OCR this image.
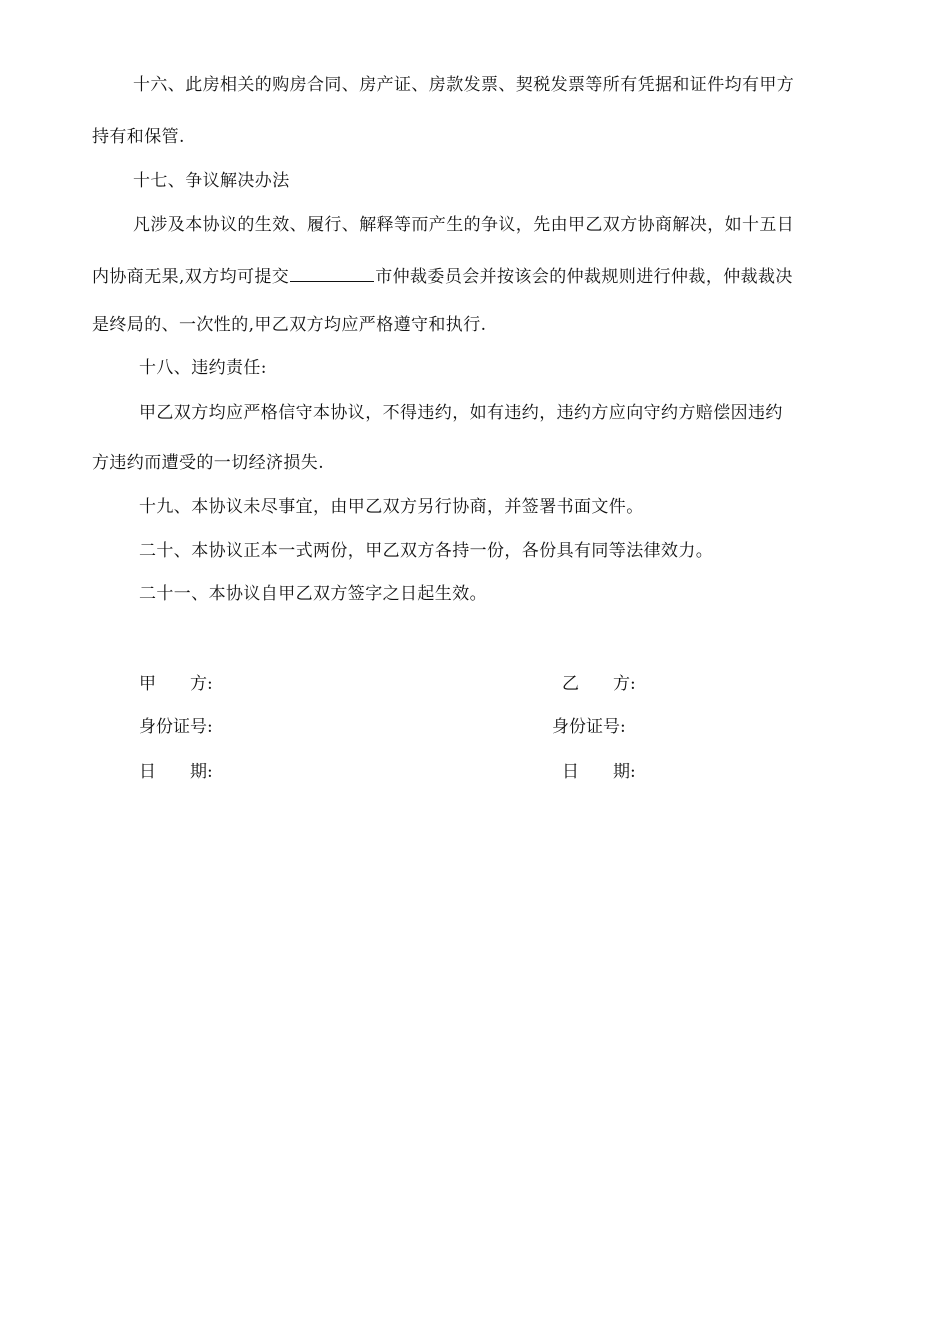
十六、此房相关的购房合同、房产证、房款发票、契税发票等所有凭据和证件均有甲方
持有和保管.
十七、争议解决办法
凡涉及本协议的生效、履行、解释等而产生的争议，先由甲乙双方协商解决，如十五日
内协商无果,双方均可提交	市仲裁委员会并按该会的仲裁规则进行仲裁，仲裁裁决
是终局的、一次性的,甲乙双方均应严格遵守和执行.
十八、违约责任:
甲乙双方均应严格信守本协议，不得违约，如有违约，违约方应向守约方赔偿因违约
方违约而遭受的一切经济损失.
十九、本协议未尽事宜，由甲乙双方另行协商，并签署书面文件。
二十、本协议正本一式两份，甲乙双方各持一份，各份具有同等法律效力。
二十一、本协议自甲乙双方签字之日起生效。
甲　　方:
身份证号:
日　　期:
乙　　方:
身份证号:
日　　期:
